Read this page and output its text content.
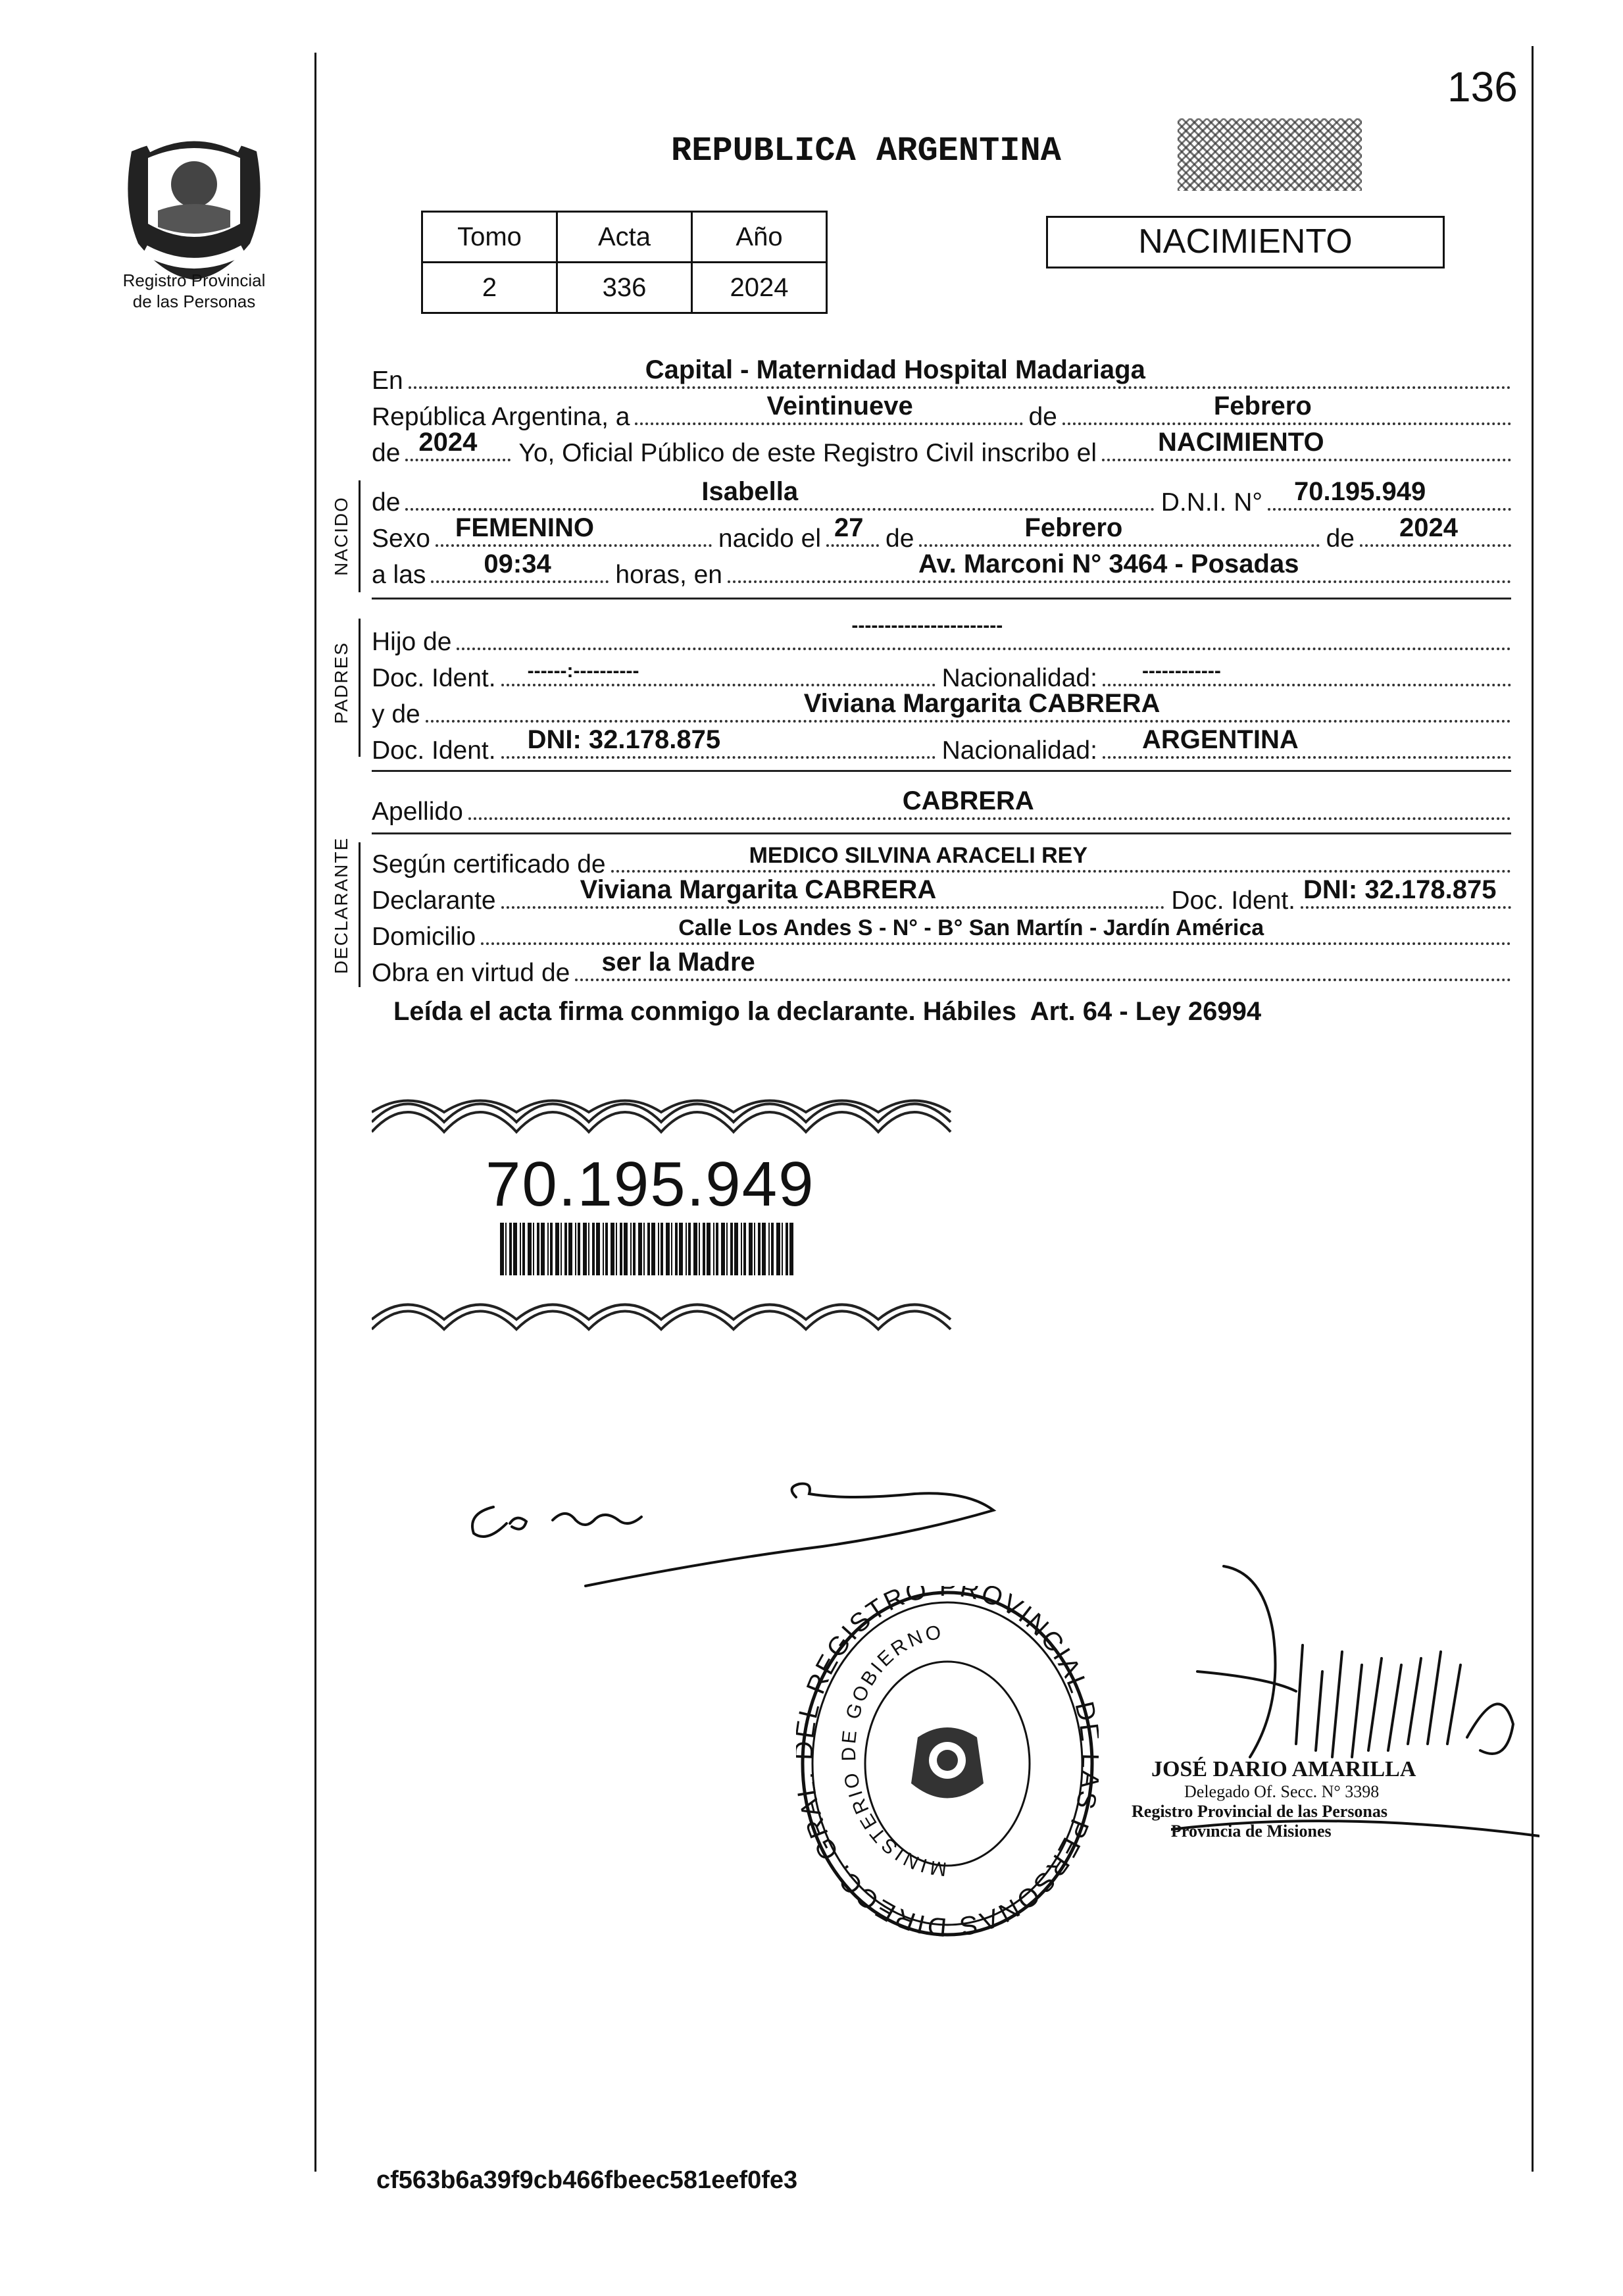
136
Registro Provincial
de las Personas
REPUBLICA ARGENTINA
Tomo	Acta	Año
2	336	2024
NACIMIENTO
En	Capital - Maternidad Hospital Madariaga
República Argentina, a	Veintinueve	de	Febrero
de 2024	Yo, Oficial Público de este Registro Civil inscribo el NACIMIENTO
NACIDO de	Isabella	D.N.I. N° 70.195.949
Sexo FEMENINO	nacido el 27 de	Febrero	de 2024
a las 09:34	horas, en	Av. Marconi N° 3464 - Posadas
PADRES Hijo de
-----------------------
Doc. Ident. ------:----------	Nacionalidad: ------------
y de	Viviana Margarita CABRERA
Doc. Ident. DNI: 32.178.875	Nacionalidad: ARGENTINA
Apellido	CABRERA
DECLARANTE Según certificado de	MEDICO SILVINA ARACELI REY
Declarante	Viviana Margarita CABRERA	Doc. Ident. DNI: 32.178.875
Domicilio	Calle Los Andes S - N° - B° San Martín - Jardín América
Obra en virtud de ser la Madre
Leída el acta firma conmigo la declarante. Hábiles  Art. 64 - Ley 26994
70.195.949
DIRECC. GRA L REGISTRO PROVINCIAL PERSONAS
MINISTERIO DE GOBIERNO
JOSÉ DARIO AMARILLA
Delegado Of. Secc. N° 3398
Registro Provincial de las Personas
Provincia de Misiones
cf563b6a39f9cb466fbeec581eef0fe3
